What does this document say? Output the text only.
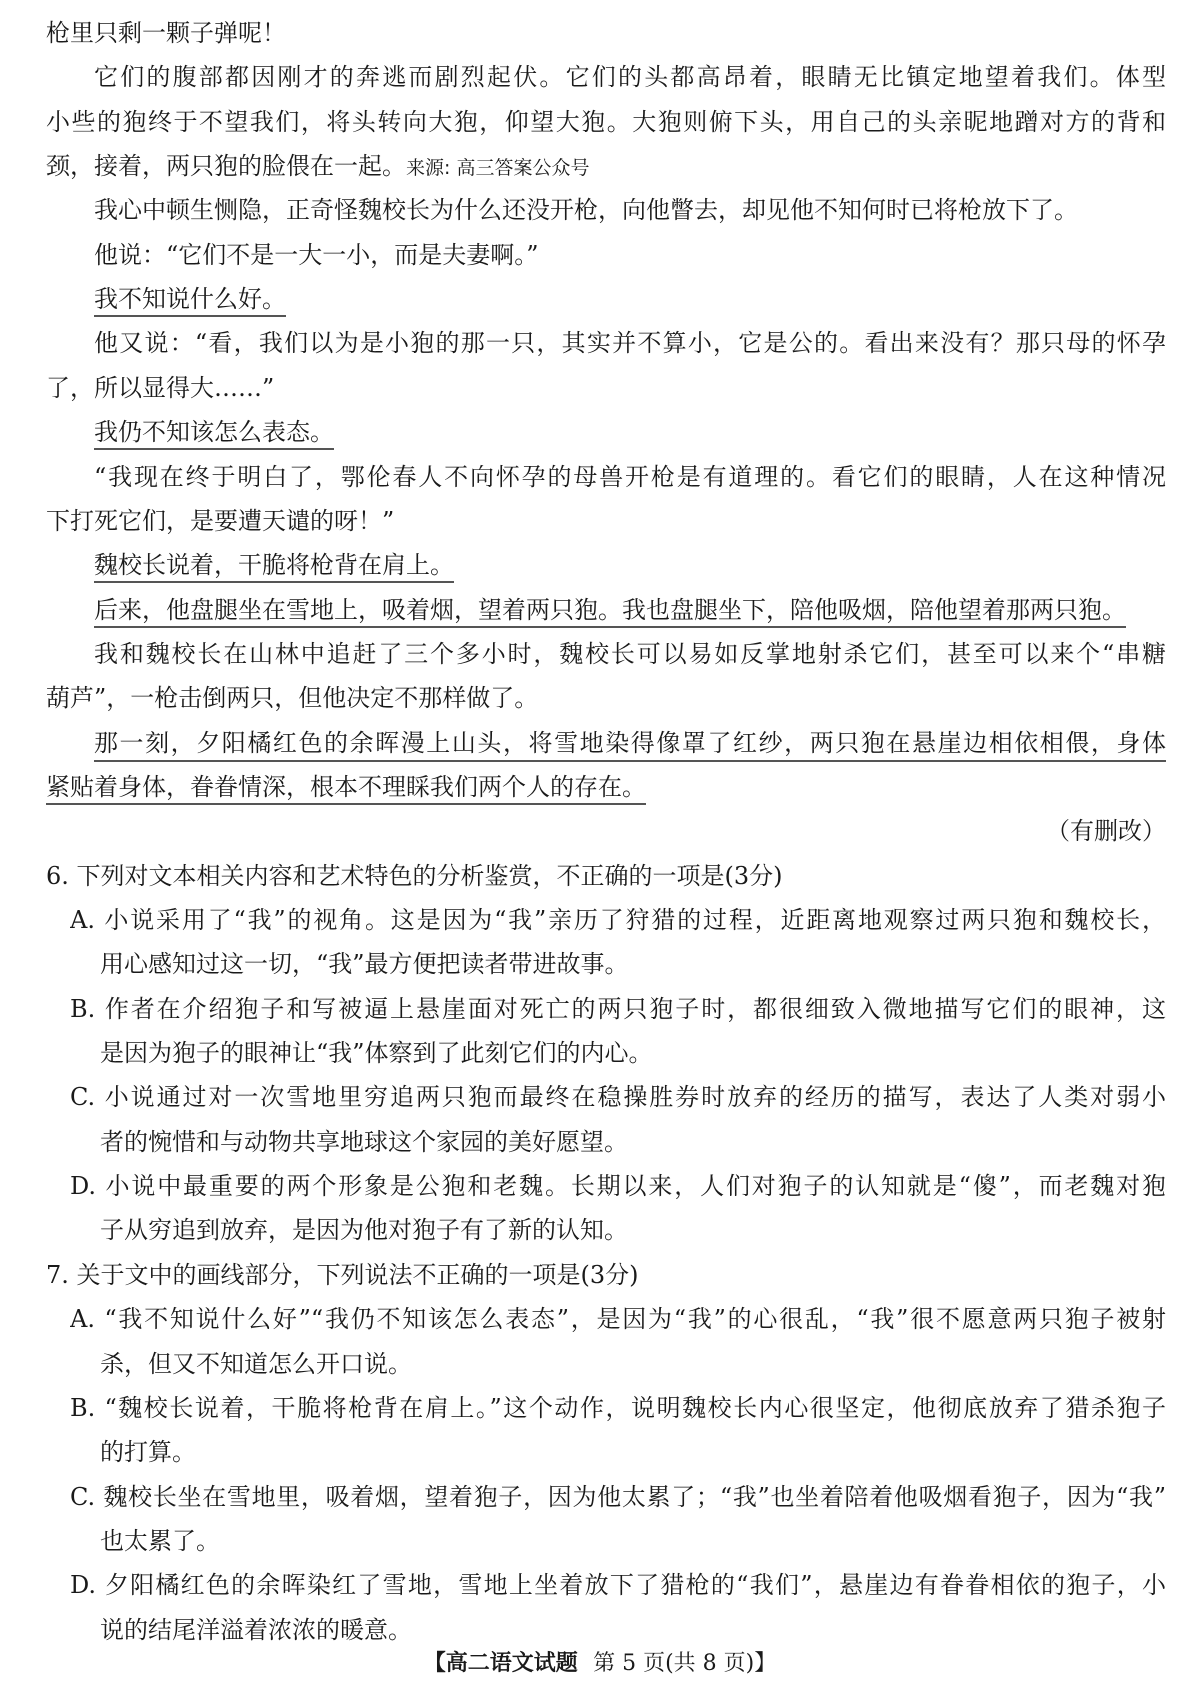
枪里只剩一颗子弹呢！
它们的腹部都因刚才的奔逃而剧烈起伏。它们的头都高昂着，眼睛无比镇定地望着我们。体型
小些的狍终于不望我们，将头转向大狍，仰望大狍。大狍则俯下头，用自己的头亲昵地蹭对方的背和
颈，接着，两只狍的脸偎在一起。来源: 高三答案公众号
我心中顿生恻隐，正奇怪魏校长为什么还没开枪，向他瞥去，却见他不知何时已将枪放下了。
他说：“它们不是一大一小，而是夫妻啊。”
我不知说什么好。
他又说：“看，我们以为是小狍的那一只，其实并不算小，它是公的。看出来没有？那只母的怀孕
了，所以显得大……”
我仍不知该怎么表态。
“我现在终于明白了，鄂伦春人不向怀孕的母兽开枪是有道理的。看它们的眼睛，人在这种情况
下打死它们，是要遭天谴的呀！”
魏校长说着，干脆将枪背在肩上。
后来，他盘腿坐在雪地上，吸着烟，望着两只狍。我也盘腿坐下，陪他吸烟，陪他望着那两只狍。
我和魏校长在山林中追赶了三个多小时，魏校长可以易如反掌地射杀它们，甚至可以来个“串糖
葫芦”，一枪击倒两只，但他决定不那样做了。
那一刻，夕阳橘红色的余晖漫上山头，将雪地染得像罩了红纱，两只狍在悬崖边相依相偎，身体
紧贴着身体，眷眷情深，根本不理睬我们两个人的存在。
（有删改）
6. 下列对文本相关内容和艺术特色的分析鉴赏，不正确的一项是(3分)
A. 小说采用了“我”的视角。这是因为“我”亲历了狩猎的过程，近距离地观察过两只狍和魏校长，
用心感知过这一切，“我”最方便把读者带进故事。
B. 作者在介绍狍子和写被逼上悬崖面对死亡的两只狍子时，都很细致入微地描写它们的眼神，这
是因为狍子的眼神让“我”体察到了此刻它们的内心。
C. 小说通过对一次雪地里穷追两只狍而最终在稳操胜券时放弃的经历的描写，表达了人类对弱小
者的惋惜和与动物共享地球这个家园的美好愿望。
D. 小说中最重要的两个形象是公狍和老魏。长期以来，人们对狍子的认知就是“傻”，而老魏对狍
子从穷追到放弃，是因为他对狍子有了新的认知。
7. 关于文中的画线部分，下列说法不正确的一项是(3分)
A. “我不知说什么好”“我仍不知该怎么表态”，是因为“我”的心很乱，“我”很不愿意两只狍子被射
杀，但又不知道怎么开口说。
B. “魏校长说着，干脆将枪背在肩上。”这个动作，说明魏校长内心很坚定，他彻底放弃了猎杀狍子
的打算。
C. 魏校长坐在雪地里，吸着烟，望着狍子，因为他太累了；“我”也坐着陪着他吸烟看狍子，因为“我”
也太累了。
D. 夕阳橘红色的余晖染红了雪地，雪地上坐着放下了猎枪的“我们”，悬崖边有眷眷相依的狍子，小
说的结尾洋溢着浓浓的暖意。
【高二语文试题 第 5 页(共 8 页)】
